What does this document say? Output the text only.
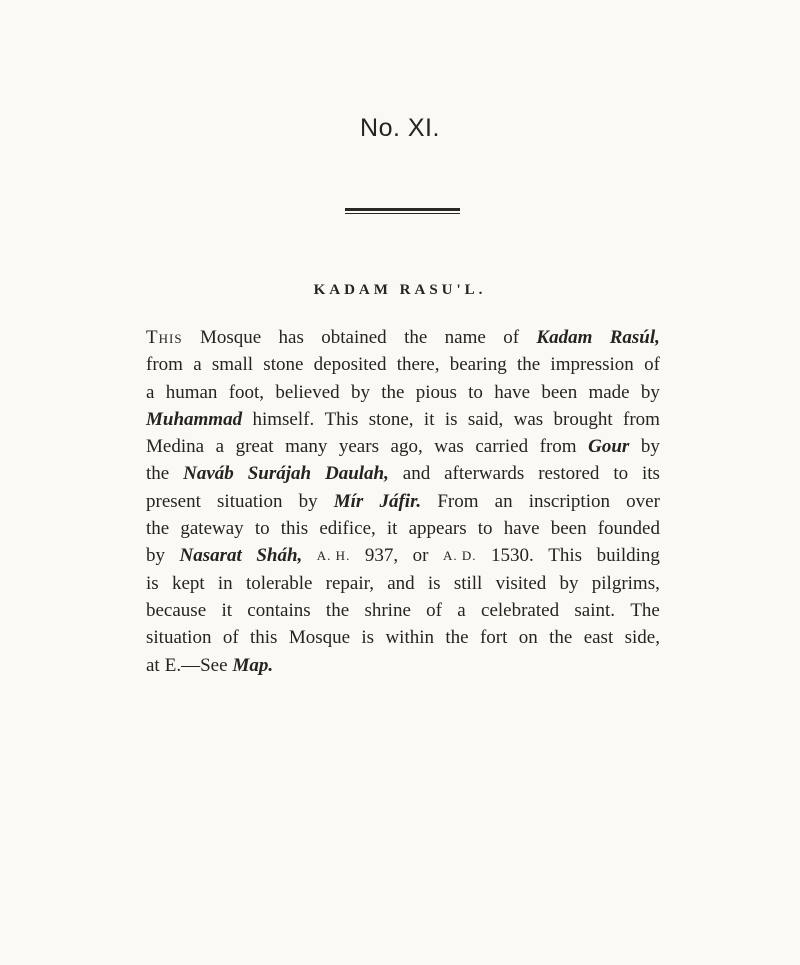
No. XI.
KADAM RASU'L.
This Mosque has obtained the name of Kadam Rasúl,
from a small stone deposited there, bearing the impression of
a human foot, believed by the pious to have been made by
Muhammad himself. This stone, it is said, was brought from
Medina a great many years ago, was carried from Gour by
the Naváb Surájah Daulah, and afterwards restored to its
present situation by Mír Jáfir. From an inscription over
the gateway to this edifice, it appears to have been founded
by Nasarat Sháh, A. H. 937, or A. D. 1530. This building
is kept in tolerable repair, and is still visited by pilgrims,
because it contains the shrine of a celebrated saint. The
situation of this Mosque is within the fort on the east side,
at E.—See Map.
